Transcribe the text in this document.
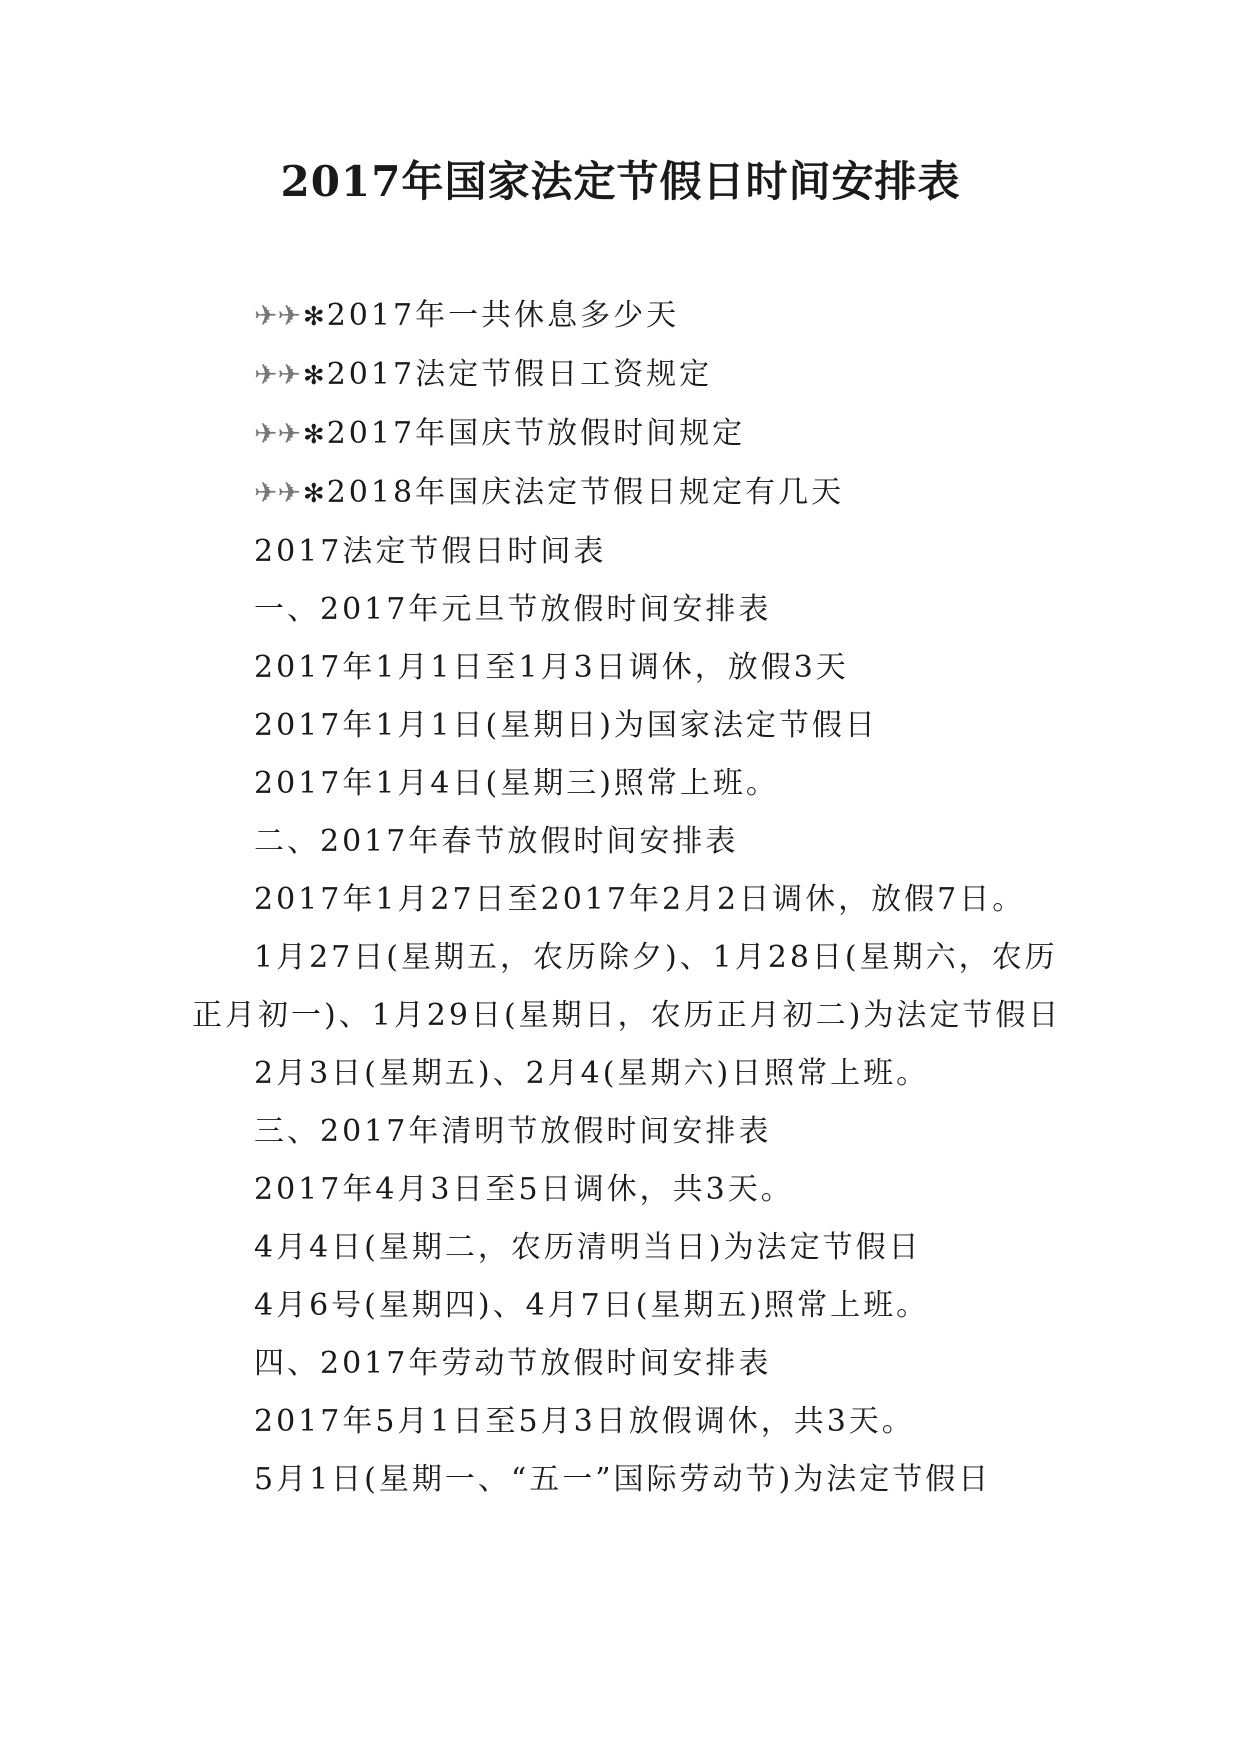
2017年国家法定节假日时间安排表

✈✈✻2017年一共休息多少天

✈✈✻2017法定节假日工资规定

✈✈✻2017年国庆节放假时间规定

✈✈✻2018年国庆法定节假日规定有几天

2017法定节假日时间表

一、2017年元旦节放假时间安排表

2017年1月1日至1月3日调休，放假3天

2017年1月1日(星期日)为国家法定节假日

2017年1月4日(星期三)照常上班。

二、2017年春节放假时间安排表

2017年1月27日至2017年2月2日调休，放假7日。

1月27日(星期五，农历除夕)、1月28日(星期六，农历正月初一)、1月29日(星期日，农历正月初二)为法定节假日

2月3日(星期五)、2月4(星期六)日照常上班。

三、2017年清明节放假时间安排表

2017年4月3日至5日调休，共3天。

4月4日(星期二，农历清明当日)为法定节假日

4月6号(星期四)、4月7日(星期五)照常上班。

四、2017年劳动节放假时间安排表

2017年5月1日至5月3日放假调休，共3天。

5月1日(星期一、“五一”国际劳动节)为法定节假日
